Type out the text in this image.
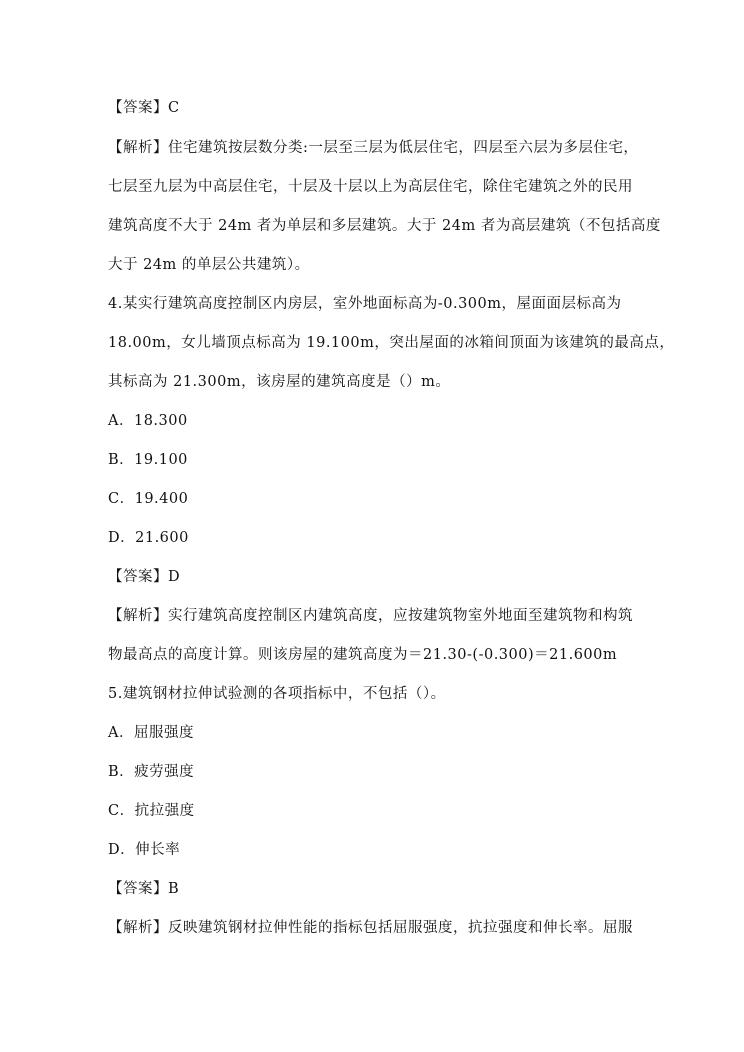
【答案】C
【解析】住宅建筑按层数分类:一层至三层为低层住宅，四层至六层为多层住宅，
七层至九层为中高层住宅，十层及十层以上为高层住宅，除住宅建筑之外的民用
建筑高度不大于 24m 者为单层和多层建筑。大于 24m 者为高层建筑（不包括高度
大于 24m 的单层公共建筑）。
4.某实行建筑高度控制区内房层，室外地面标高为-0.300m，屋面面层标高为
18.00m，女儿墙顶点标高为 19.100m，突出屋面的冰箱间顶面为该建筑的最高点，
其标高为 21.300m，该房屋的建筑高度是（）m。
A．18.300
B．19.100
C．19.400
D．21.600
【答案】D
【解析】实行建筑高度控制区内建筑高度，应按建筑物室外地面至建筑物和构筑
物最高点的高度计算。则该房屋的建筑高度为＝21.30-(-0.300)＝21.600m
5.建筑钢材拉伸试验测的各项指标中，不包括（）。
A．屈服强度
B．疲劳强度
C．抗拉强度
D．伸长率
【答案】B
【解析】反映建筑钢材拉伸性能的指标包括屈服强度，抗拉强度和伸长率。屈服
